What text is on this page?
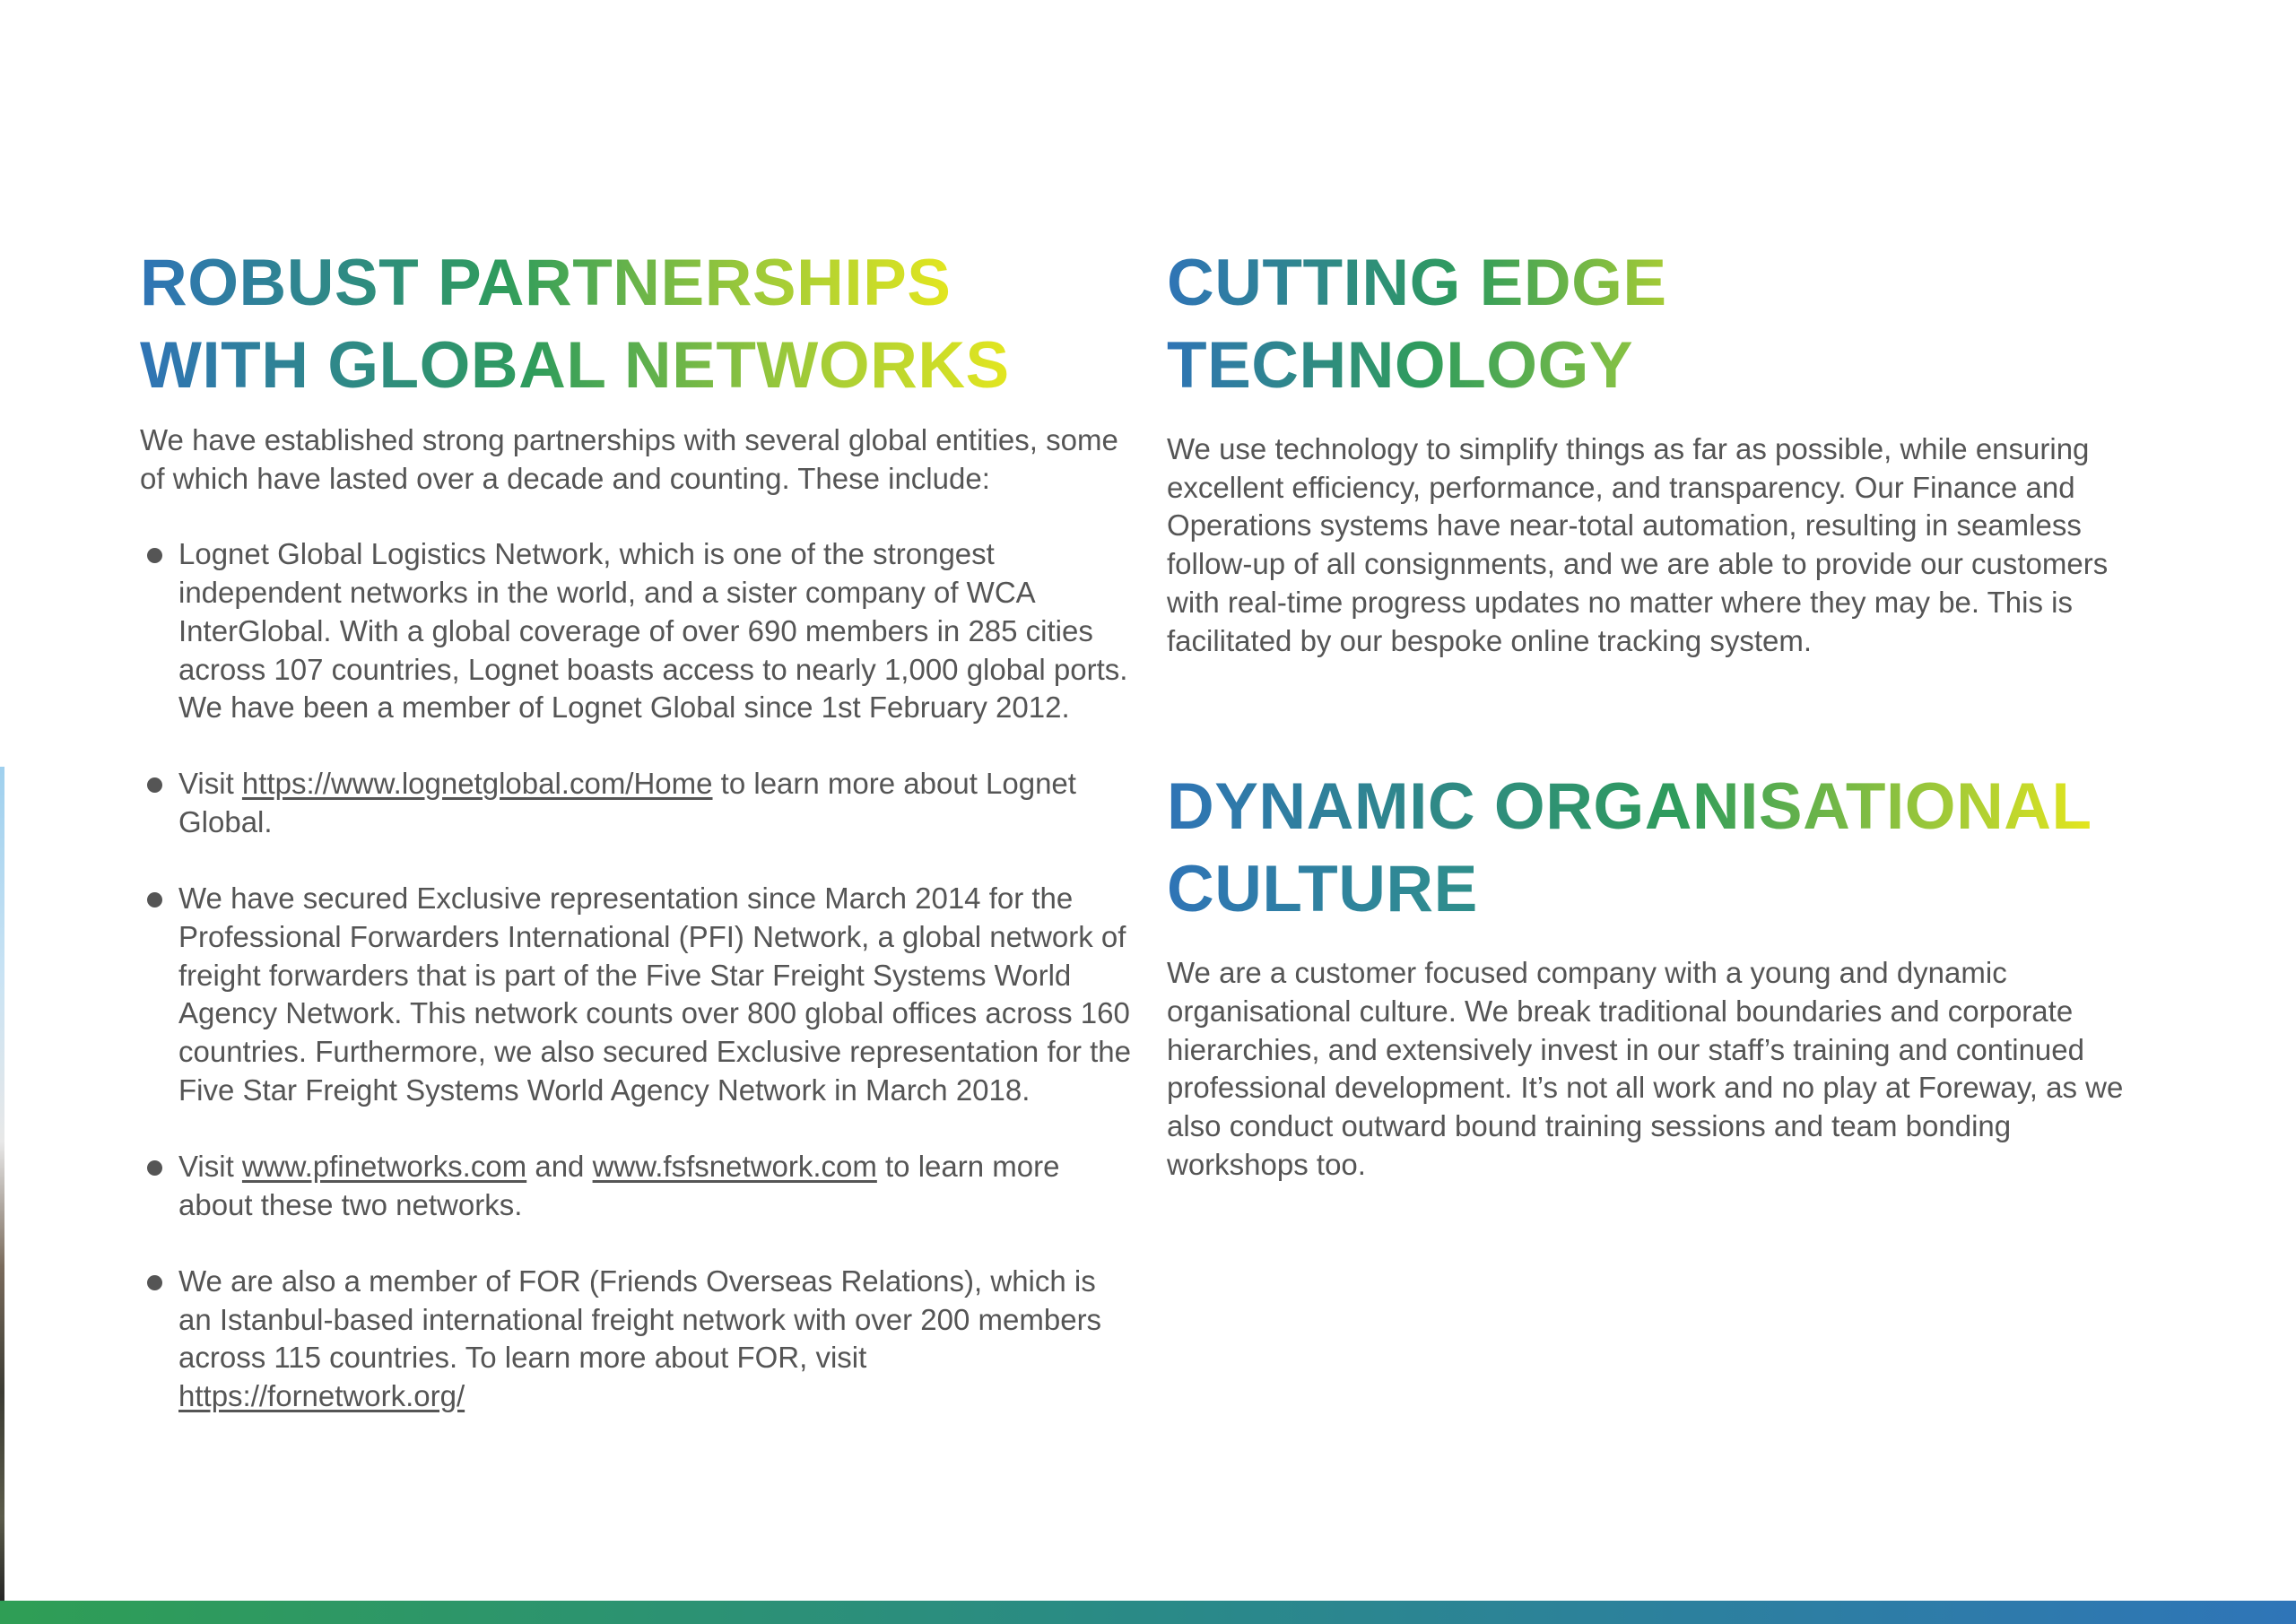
ROBUST PARTNERSHIPS
WITH GLOBAL NETWORKS

We have established strong partnerships with several global entities, some of which have lasted over a decade and counting. These include:

Lognet Global Logistics Network, which is one of the strongest independent networks in the world, and a sister company of WCA InterGlobal. With a global coverage of over 690 members in 285 cities across 107 countries, Lognet boasts access to nearly 1,000 global ports. We have been a member of Lognet Global since 1st February 2012.
Visit https://www.lognetglobal.com/Home to learn more about Lognet Global.
We have secured Exclusive representation since March 2014 for the Professional Forwarders International (PFI) Network, a global network of freight forwarders that is part of the Five Star Freight Systems World Agency Network. This network counts over 800 global offices across 160 countries. Furthermore, we also secured Exclusive representation for the Five Star Freight Systems World Agency Network in March 2018.
Visit www.pfinetworks.com and www.fsfsnetwork.com to learn more about these two networks.
We are also a member of FOR (Friends Overseas Relations), which is an Istanbul-based international freight network with over 200 members across 115 countries. To learn more about FOR, visit https://fornetwork.org/
CUTTING EDGE
TECHNOLOGY

We use technology to simplify things as far as possible, while ensuring excellent efficiency, performance, and transparency. Our Finance and Operations systems have near-total automation, resulting in seamless follow-up of all consignments, and we are able to provide our customers with real-time progress updates no matter where they may be. This is facilitated by our bespoke online tracking system.

DYNAMIC ORGANISATIONAL
CULTURE

We are a customer focused company with a young and dynamic organisational culture. We break traditional boundaries and corporate hierarchies, and extensively invest in our staff’s training and continued professional development. It’s not all work and no play at Foreway, as we also conduct outward bound training sessions and team bonding workshops too.
